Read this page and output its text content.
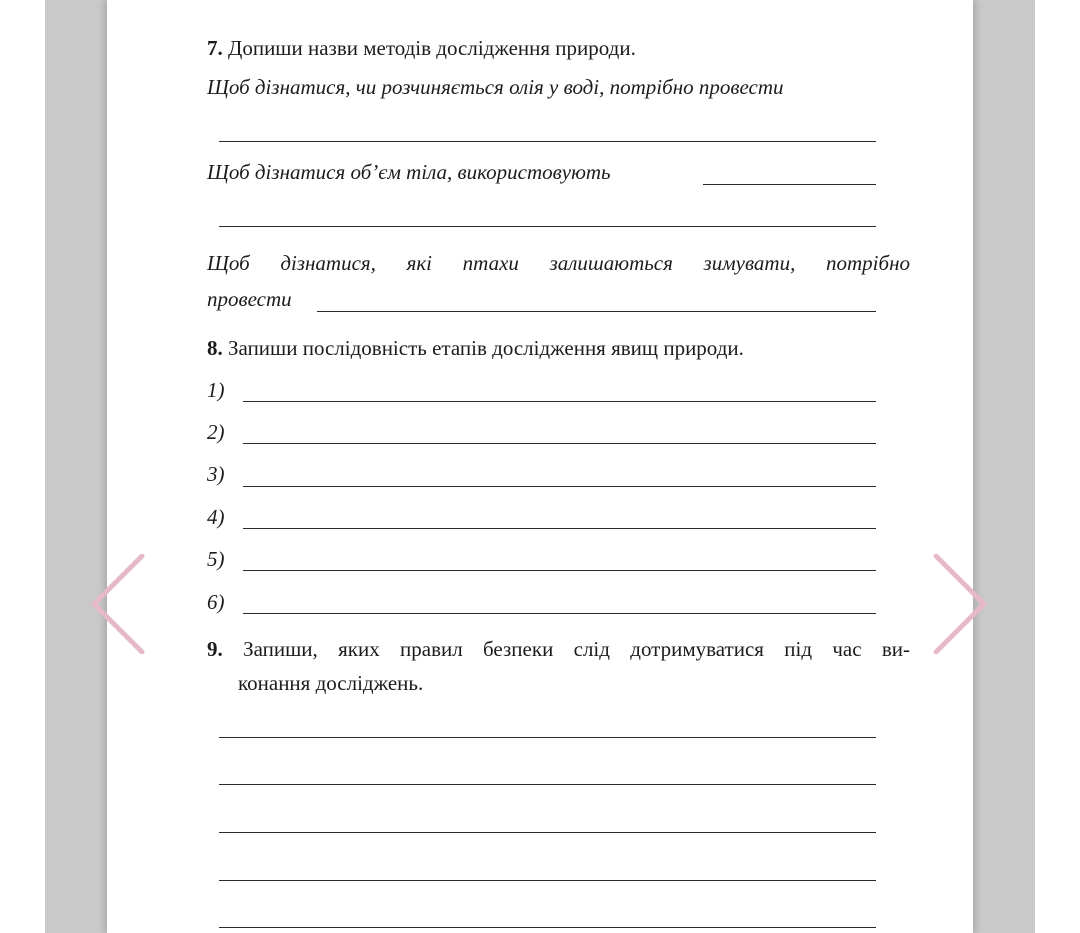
7. Допиши назви методів дослідження природи.
Щоб дізнатися, чи розчиняється олія у воді, потрібно провести
Щоб дізнатися об’єм тіла, використовують
Щоб дізнатися, які птахи залишаються зимувати, потрібно
провести
8. Запиши послідовність етапів дослідження явищ природи.
1)
2)
3)
4)
5)
6)
9. Запиши, яких правил безпеки слід дотримуватися під час ви-
конання досліджень.
